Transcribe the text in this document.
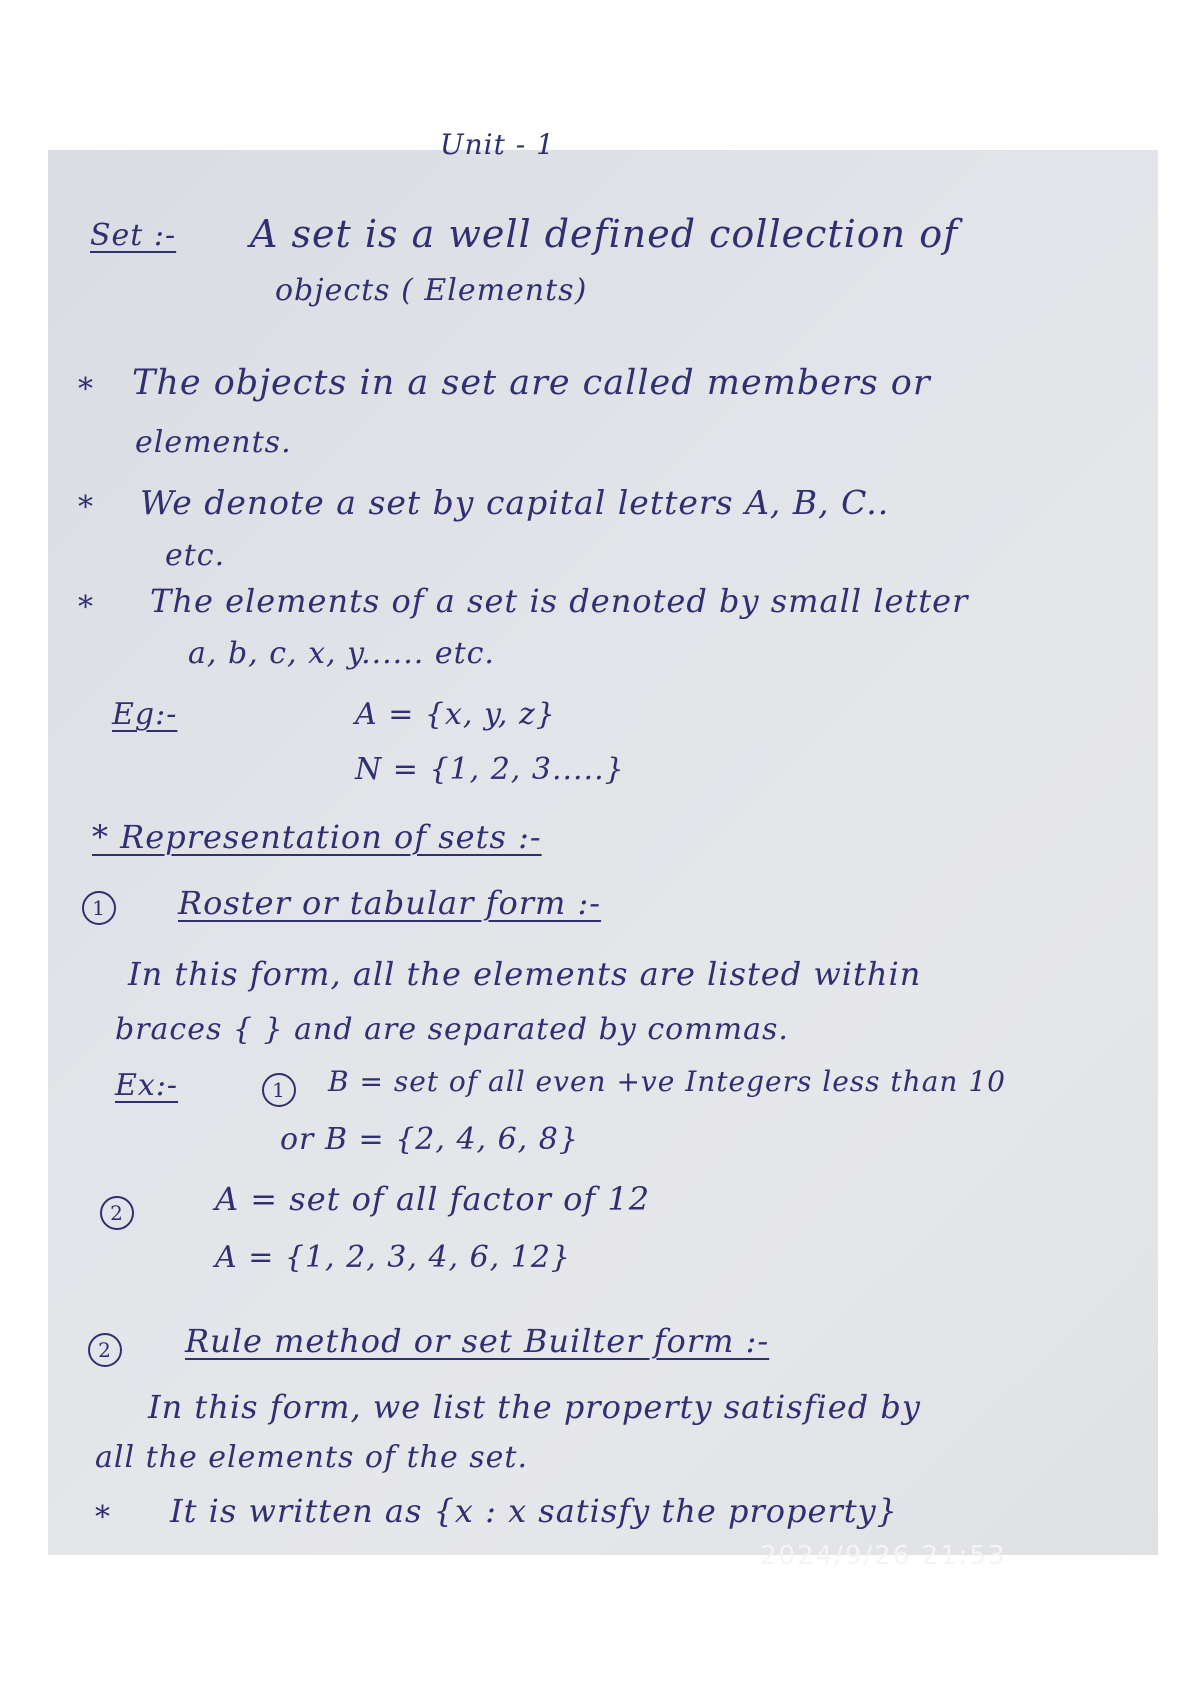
Unit - 1
Set :- A set is a well defined collection of
objects ( Elements)
* The objects in a set are called members or
elements.
* We denote a set by capital letters A, B, C..
etc.
* The elements of a set is denoted by small letter
a, b, c, x, y...... etc.
Eg:-	A = {x, y, z}
N = {1, 2, 3.....}
* Representation of sets :-
1	Roster or tabular form :-
In this form, all the elements are listed within
braces { } and are separated by commas.
Ex:-	1	B = set of all even +ve Integers less than 10
or B = {2, 4, 6, 8}
2	A = set of all factor of 12
A = {1, 2, 3, 4, 6, 12}
2	Rule method or set Builter form :-
In this form, we list the property satisfied by
all the elements of the set.
* It is written as {x : x satisfy the property}
2024/9/26 21:53
